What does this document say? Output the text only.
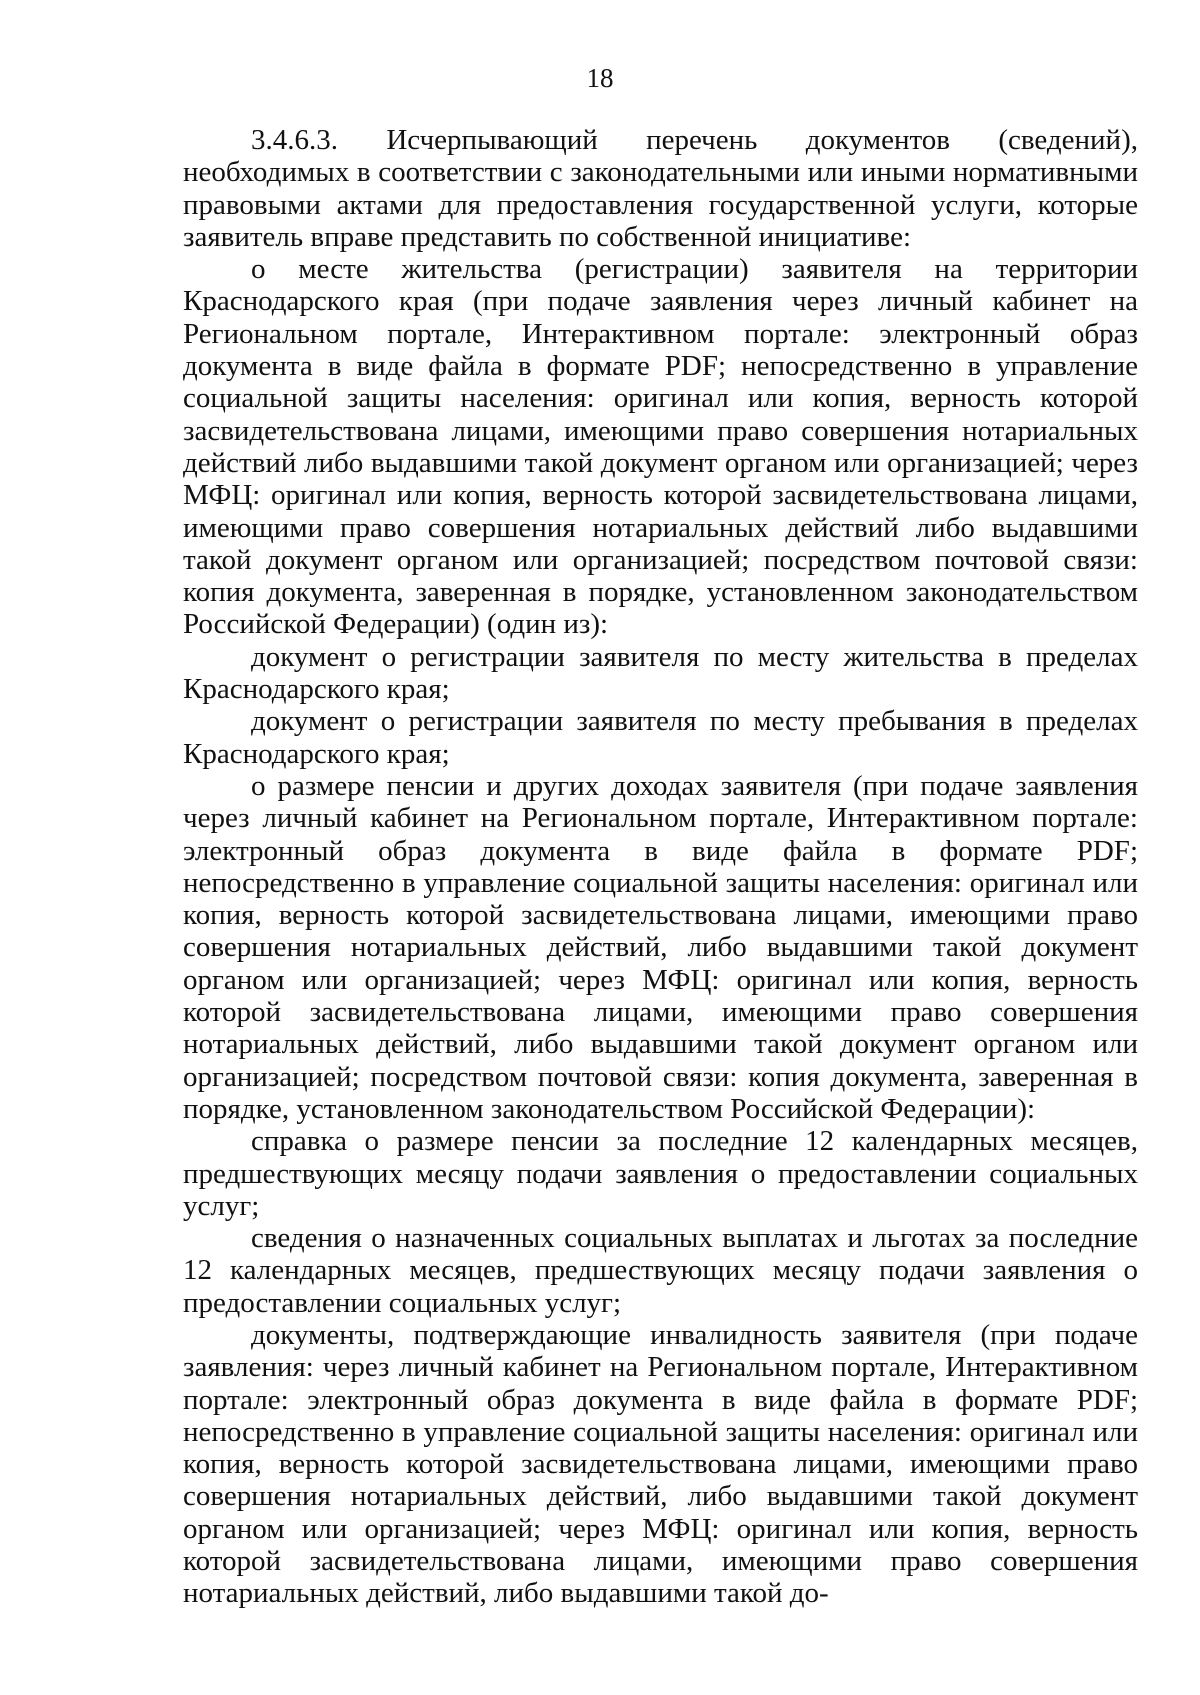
18

3.4.6.3. Исчерпывающий перечень документов (сведений), необходимых в соответствии с законодательными или иными нормативными правовыми актами для предоставления государственной услуги, которые заявитель вправе представить по собственной инициативе:

о месте жительства (регистрации) заявителя на территории Краснодарского края (при подаче заявления через личный кабинет на Региональном портале, Интерактивном портале: электронный образ документа в виде файла в формате PDF; непосредственно в управление социальной защиты населения: оригинал или копия, верность которой засвидетельствована лицами, имеющими право совершения нотариальных действий либо выдавшими такой документ органом или организацией; через МФЦ: оригинал или копия, верность которой засвидетельствована лицами, имеющими право совершения нотариальных действий либо выдавшими такой документ органом или организацией; посредством почтовой связи: копия документа, заверенная в порядке, установленном законодательством Российской Федерации) (один из):

документ о регистрации заявителя по месту жительства в пределах Краснодарского края;

документ о регистрации заявителя по месту пребывания в пределах Краснодарского края;

о размере пенсии и других доходах заявителя (при подаче заявления через личный кабинет на Региональном портале, Интерактивном портале: электронный образ документа в виде файла в формате PDF; непосредственно в управление социальной защиты населения: оригинал или копия, верность которой засвидетельствована лицами, имеющими право совершения нотариальных действий, либо выдавшими такой документ органом или организацией; через МФЦ: оригинал или копия, верность которой засвидетельствована лицами, имеющими право совершения нотариальных действий, либо выдавшими такой документ органом или организацией; посредством почтовой связи: копия документа, заверенная в порядке, установленном законодательством Российской Федерации):

справка о размере пенсии за последние 12 календарных месяцев, предшествующих месяцу подачи заявления о предоставлении социальных услуг;

сведения о назначенных социальных выплатах и льготах за последние 12 календарных месяцев, предшествующих месяцу подачи заявления о предоставлении социальных услуг;

документы, подтверждающие инвалидность заявителя (при подаче заявления: через личный кабинет на Региональном портале, Интерактивном портале: электронный образ документа в виде файла в формате PDF; непосредственно в управление социальной защиты населения: оригинал или копия, верность которой засвидетельствована лицами, имеющими право совершения нотариальных действий, либо выдавшими такой документ органом или организацией; через МФЦ: оригинал или копия, верность которой засвидетельствована лицами, имеющими право совершения нотариальных действий, либо выдавшими такой до-
